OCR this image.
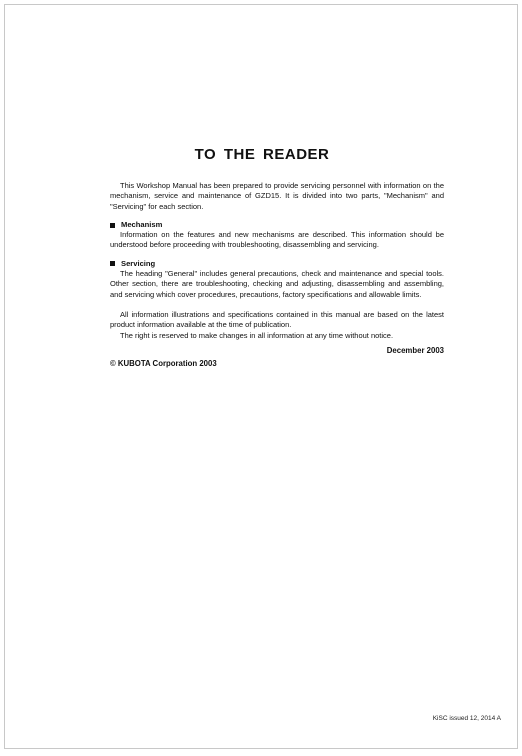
TO THE READER

This Workshop Manual has been prepared to provide servicing personnel with information on the mechanism, service and maintenance of GZD15. It is divided into two parts, "Mechanism" and "Servicing" for each section.

Mechanism

Information on the features and new mechanisms are described. This information should be understood before proceeding with troubleshooting, disassembling and servicing.

Servicing

The heading "General" includes general precautions, check and maintenance and special tools. Other section, there are troubleshooting, checking and adjusting, disassembling and assembling, and servicing which cover procedures, precautions, factory specifications and allowable limits.

All information illustrations and specifications contained in this manual are based on the latest product information available at the time of publication.

The right is reserved to make changes in all information at any time without notice.

December 2003
© KUBOTA Corporation 2003
KiSC issued 12, 2014 A
